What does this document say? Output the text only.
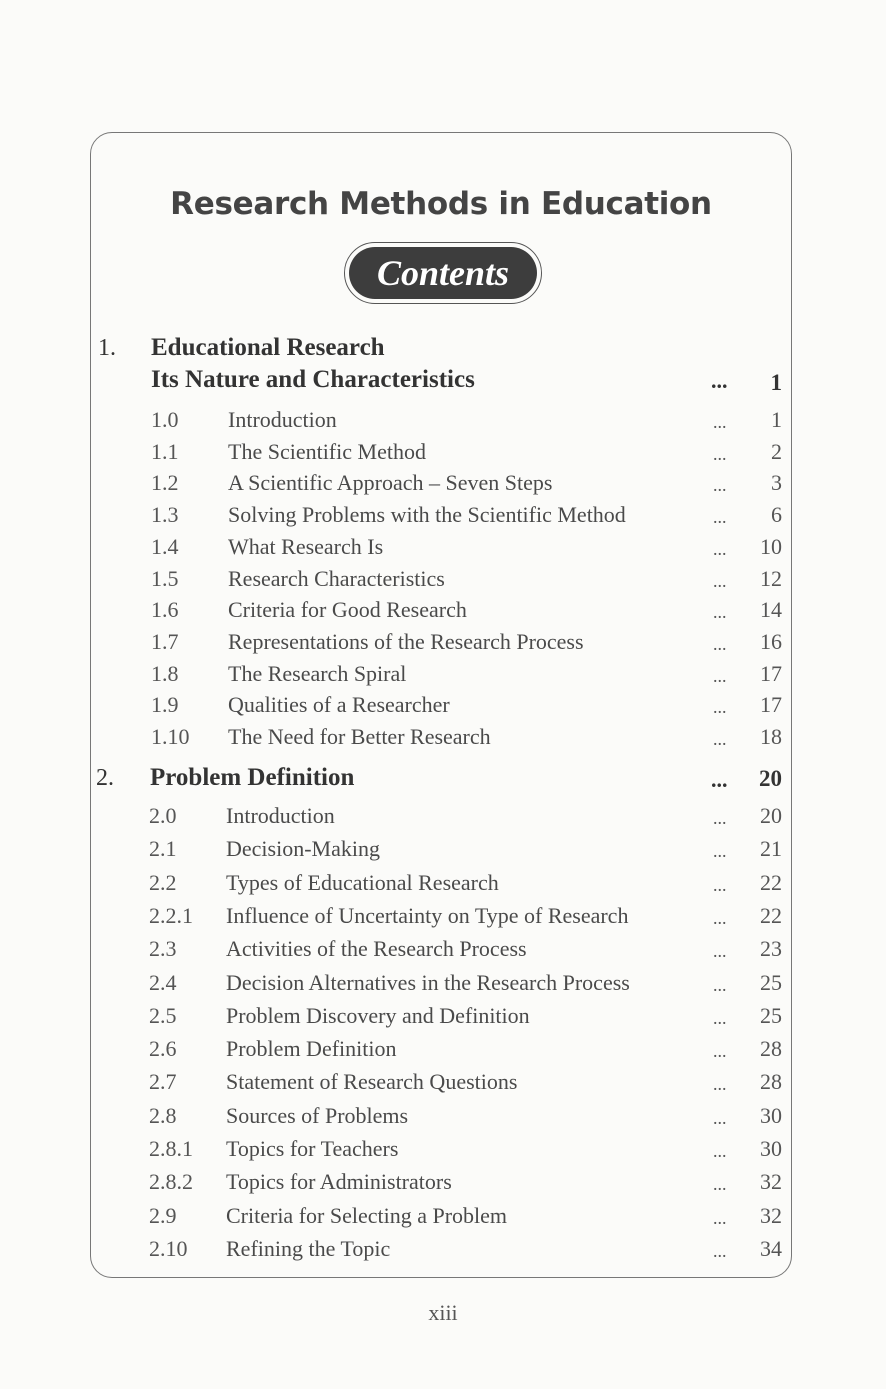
Research Methods in Education
Contents
1. Educational Research
Its Nature and Characteristics	...	1
1.0 Introduction	...	1
1.1 The Scientific Method	...	2
1.2 A Scientific Approach – Seven Steps	...	3
1.3 Solving Problems with the Scientific Method	...	6
1.4 What Research Is	...	10
1.5 Research Characteristics	...	12
1.6 Criteria for Good Research	...	14
1.7 Representations of the Research Process	...	16
1.8 The Research Spiral	...	17
1.9 Qualities of a Researcher	...	17
1.10 The Need for Better Research	...	18
2. Problem Definition	...	20
2.0 Introduction	...	20
2.1 Decision-Making	...	21
2.2 Types of Educational Research	...	22
2.2.1 Influence of Uncertainty on Type of Research	...	22
2.3 Activities of the Research Process	...	23
2.4 Decision Alternatives in the Research Process	...	25
2.5 Problem Discovery and Definition	...	25
2.6 Problem Definition	...	28
2.7 Statement of Research Questions	...	28
2.8 Sources of Problems	...	30
2.8.1 Topics for Teachers	...	30
2.8.2 Topics for Administrators	...	32
2.9 Criteria for Selecting a Problem	...	32
2.10 Refining the Topic	...	34
xiii
